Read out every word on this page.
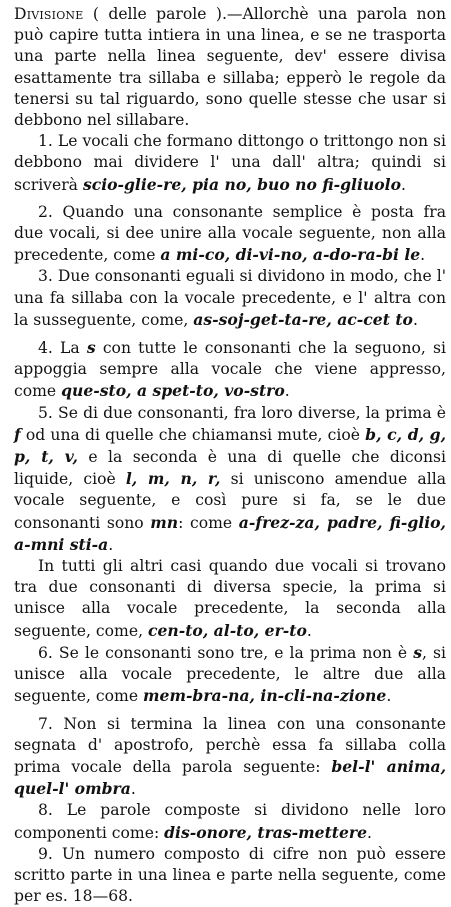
Divisione ( delle parole ).—Allorchè una parola non può capire tutta intiera in una linea, e se ne trasporta una parte nella linea seguente, dev' essere divisa esattamente tra sillaba e sillaba; epperò le regole da tenersi su tal riguardo, sono quelle stesse che usar si debbono nel sillabare.

1. Le vocali che formano dittongo o trittongo non si debbono mai dividere l' una dall' altra; quindi si scriverà scio-glie-re, pia no, buo no fi-gliuolo.

2. Quando una consonante semplice è posta fra due vocali, si dee unire alla vocale seguente, non alla precedente, come a mi-co, di-vi-no, a-do-ra-bi le.

3. Due consonanti eguali si dividono in modo, che l' una fa sillaba con la vocale precedente, e l' altra con la susseguente, come, as-soj-get-ta-re, ac-cet to.

4. La s con tutte le consonanti che la seguono, si appoggia sempre alla vocale che viene appresso, come que-sto, a spet-to, vo-stro.

5. Se di due consonanti, fra loro diverse, la prima è f od una di quelle che chiamansi mute, cioè b, c, d, g, p, t, v, e la seconda è una di quelle che diconsi liquide, cioè l, m, n, r, si uniscono amendue alla vocale seguente, e così pure si fa, se le due consonanti sono mn: come a-frez-za, padre, fi-glio, a-mni sti-a.

In tutti gli altri casi quando due vocali si trovano tra due consonanti di diversa specie, la prima si unisce alla vocale precedente, la seconda alla seguente, come, cen-to, al-to, er-to.

6. Se le consonanti sono tre, e la prima non è s, si unisce alla vocale precedente, le altre due alla seguente, come mem-bra-na, in-cli-na-zione.

7. Non si termina la linea con una consonante segnata d' apostrofo, perchè essa fa sillaba colla prima vocale della parola seguente: bel-l' anima, quel-l' ombra.

8. Le parole composte si dividono nelle loro componenti come: dis-onore, tras-mettere.

9. Un numero composto di cifre non può essere scritto parte in una linea e parte nella seguente, come per es. 18—68.
